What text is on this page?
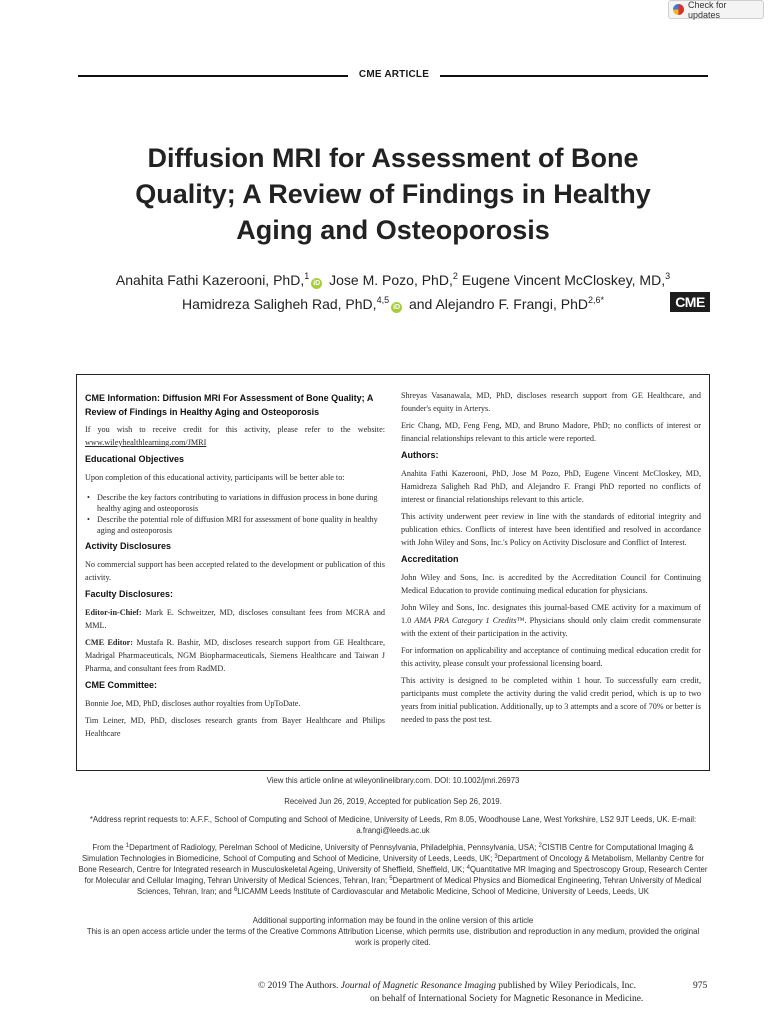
Check for updates
CME ARTICLE
Diffusion MRI for Assessment of Bone
Quality; A Review of Findings in Healthy
Aging and Osteoporosis
Anahita Fathi Kazerooni, PhD,$^1$iD Jose M. Pozo, PhD,$^2$ Eugene Vincent McCloskey, MD,$^3$
Hamidreza Saligheh Rad, PhD,$^{4,5}$iD and Alejandro F. Frangi, PhD$^{2,6*}$	CME
CME Information: Diffusion MRI For Assessment of Bone Quality; A Review of Findings in Healthy Aging and Osteoporosis

If you wish to receive credit for this activity, please refer to the website: www.wileyhealthlearning.com/JMRI

Educational Objectives

Upon completion of this educational activity, participants will be better able to:

• Describe the key factors contributing to variations in diffusion process in bone during healthy aging and osteoporosis
• Describe the potential role of diffusion MRI for assessment of bone quality in healthy aging and osteoporosis
Activity Disclosures

No commercial support has been accepted related to the development or publication of this activity.

Faculty Disclosures:

Editor-in-Chief: Mark E. Schweitzer, MD, discloses consultant fees from MCRA and MML.

CME Editor: Mustafa R. Bashir, MD, discloses research support from GE Healthcare, Madrigal Pharmaceuticals, NGM Biopharmaceuticals, Siemens Healthcare and Taiwan J Pharma, and consultant fees from RadMD.

CME Committee:

Bonnie Joe, MD, PhD, discloses author royalties from UpToDate.

Tim Leiner, MD, PhD, discloses research grants from Bayer Healthcare and Philips Healthcare

Shreyas Vasanawala, MD, PhD, discloses research support from GE Healthcare, and founder's equity in Arterys.

Eric Chang, MD, Feng Feng, MD, and Bruno Madore, PhD; no conflicts of interest or financial relationships relevant to this article were reported.

Authors:

Anahita Fathi Kazerooni, PhD, Jose M Pozo, PhD, Eugene Vincent McCloskey, MD, Hamidreza Saligheh Rad PhD, and Alejandro F. Frangi PhD reported no conflicts of interest or financial relationships relevant to this article.

This activity underwent peer review in line with the standards of editorial integrity and publication ethics. Conflicts of interest have been identified and resolved in accordance with John Wiley and Sons, Inc.'s Policy on Activity Disclosure and Conflict of Interest.

Accreditation

John Wiley and Sons, Inc. is accredited by the Accreditation Council for Continuing Medical Education to provide continuing medical education for physicians.

John Wiley and Sons, Inc. designates this journal-based CME activity for a maximum of 1.0 AMA PRA Category 1 Credits™. Physicians should only claim credit commensurate with the extent of their participation in the activity.

For information on applicability and acceptance of continuing medical education credit for this activity, please consult your professional licensing board.

This activity is designed to be completed within 1 hour. To successfully earn credit, participants must complete the activity during the valid credit period, which is up to two years from initial publication. Additionally, up to 3 attempts and a score of 70% or better is needed to pass the post test.

View this article online at wileyonlinelibrary.com. DOI: 10.1002/jmri.26973
Received Jun 26, 2019, Accepted for publication Sep 26, 2019.
*Address reprint requests to: A.F.F., School of Computing and School of Medicine, University of Leeds, Rm 8.05, Woodhouse Lane, West Yorkshire, LS2 9JT Leeds, UK. E-mail: a.frangi@leeds.ac.uk
From the $^1$Department of Radiology, Perelman School of Medicine, University of Pennsylvania, Philadelphia, Pennsylvania, USA; $^2$CISTIB Centre for Computational Imaging & Simulation Technologies in Biomedicine, School of Computing and School of Medicine, University of Leeds, Leeds, UK; $^3$Department of Oncology & Metabolism, Mellanby Centre for Bone Research, Centre for Integrated research in Musculoskeletal Ageing, University of Sheffield, Sheffield, UK; $^4$Quantitative MR Imaging and Spectroscopy Group, Research Center for Molecular and Cellular Imaging, Tehran University of Medical Sciences, Tehran, Iran; $^5$Department of Medical Physics and Biomedical Engineering, Tehran University of Medical Sciences, Tehran, Iran; and $^6$LICAMM Leeds Institute of Cardiovascular and Metabolic Medicine, School of Medicine, University of Leeds, Leeds, UK
Additional supporting information may be found in the online version of this article
This is an open access article under the terms of the Creative Commons Attribution License, which permits use, distribution and reproduction in any medium, provided the original work is properly cited.
© 2019 The Authors. Journal of Magnetic Resonance Imaging published by Wiley Periodicals, Inc.
on behalf of International Society for Magnetic Resonance in Medicine.
975
